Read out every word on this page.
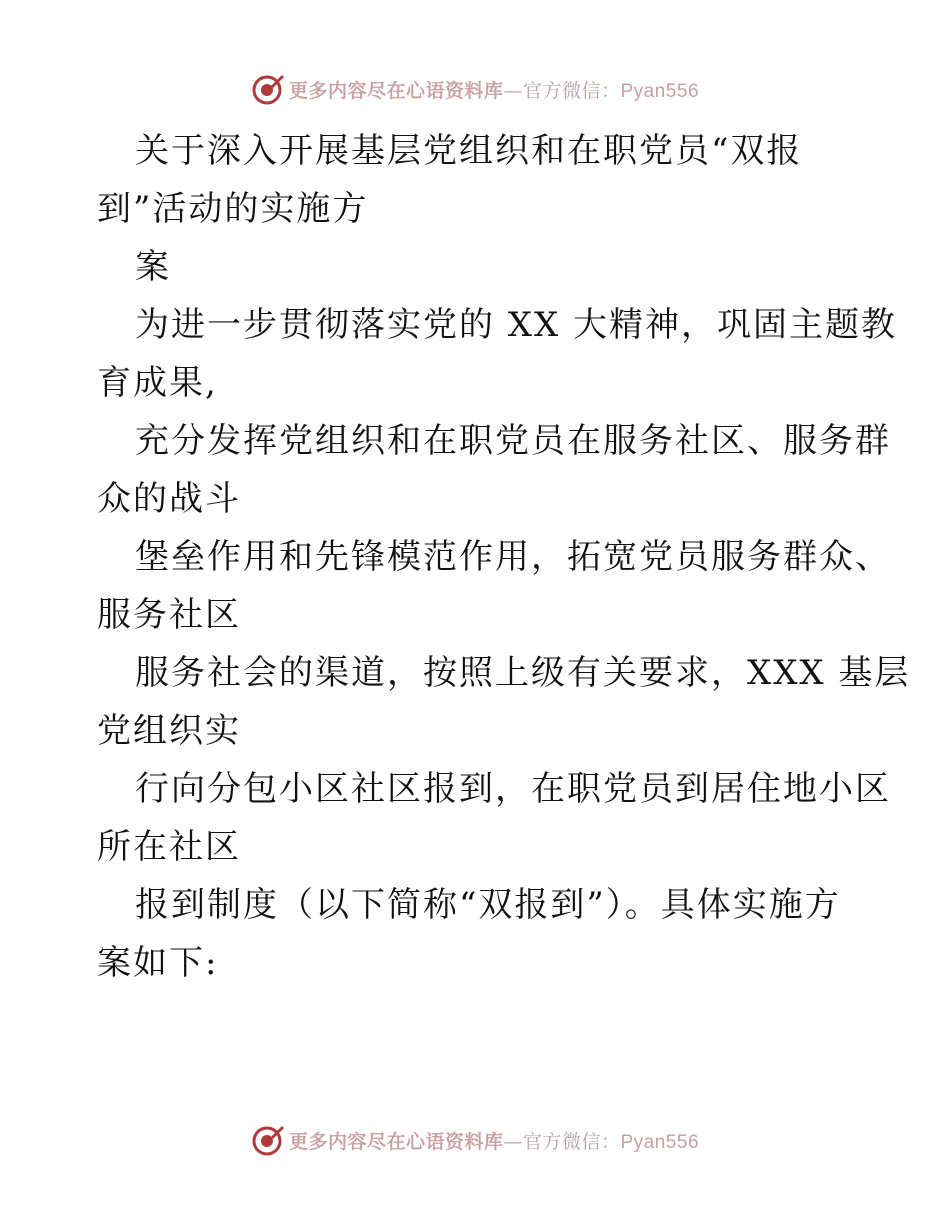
更多内容尽在心语资料库—官方微信：Pyan556
关于深入开展基层党组织和在职党员“双报
到”活动的实施方
案
为进一步贯彻落实党的 XX 大精神，巩固主题教
育成果,
充分发挥党组织和在职党员在服务社区、服务群
众的战斗
堡垒作用和先锋模范作用，拓宽党员服务群众、
服务社区
服务社会的渠道，按照上级有关要求，XXX 基层
党组织实
行向分包小区社区报到，在职党员到居住地小区
所在社区
报到制度（以下简称“双报到”）。具体实施方
案如下:
更多内容尽在心语资料库—官方微信：Pyan556
